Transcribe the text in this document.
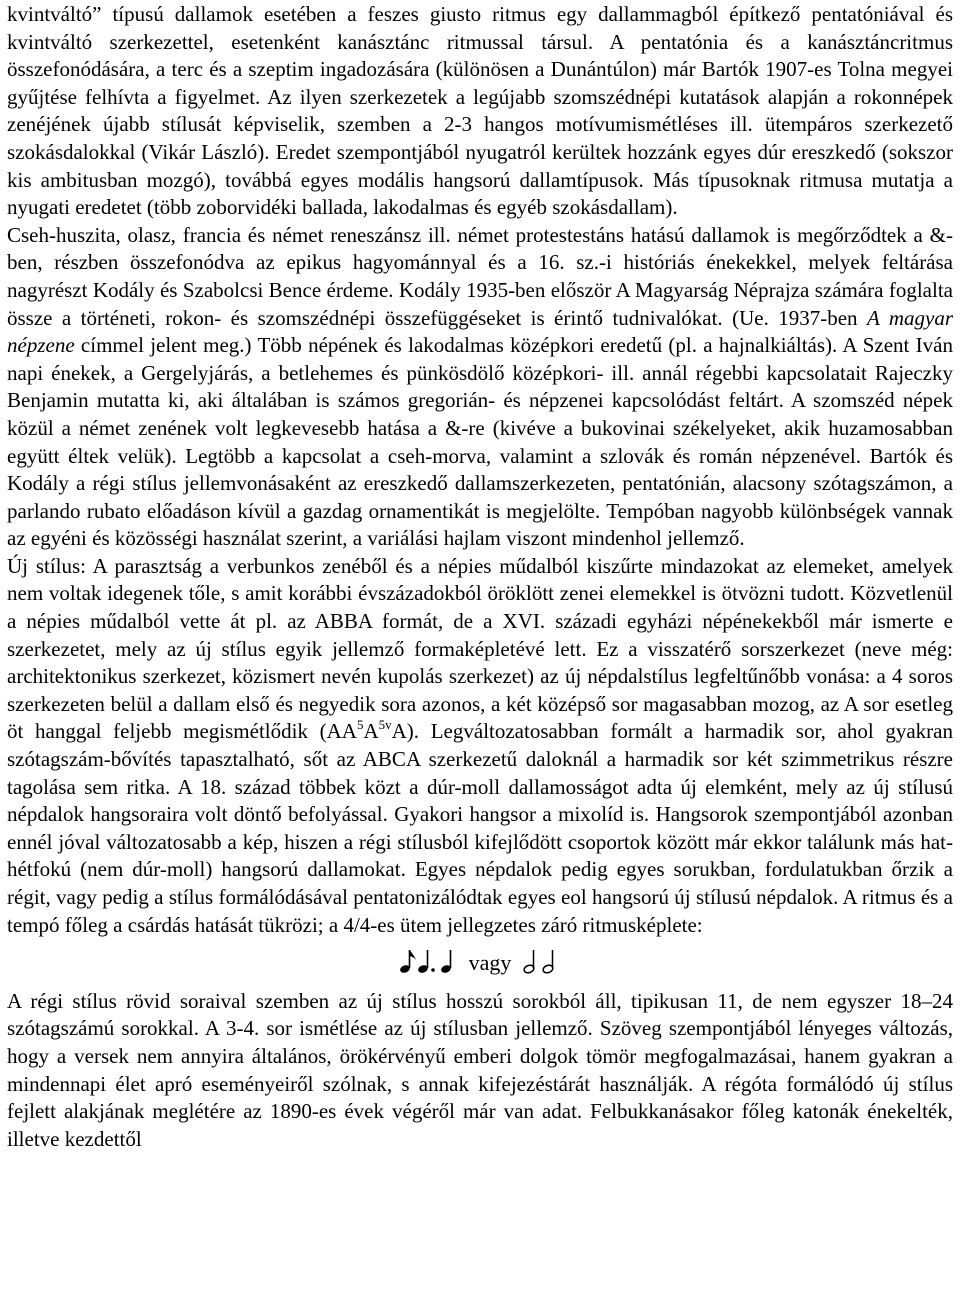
kvintváltó” típusú dallamok esetében a feszes giusto ritmus egy dallammagból építkező pentatóniával és kvintváltó szerkezettel, esetenként kanásztánc ritmussal társul. A pentatónia és a kanásztáncritmus összefonódására, a terc és a szeptim ingadozására (különösen a Dunántúlon) már Bartók 1907-es Tolna megyei gyűjtése felhívta a figyelmet. Az ilyen szerkezetek a legújabb szomszédnépi kutatások alapján a rokonnépek zenéjének újabb stílusát képviselik, szemben a 2-3 hangos motívumismétléses ill. ütempáros szerkezető szokásdalokkal (Vikár László). Eredet szempontjából nyugatról kerültek hozzánk egyes dúr ereszkedő (sokszor kis ambitusban mozgó), továbbá egyes modális hangsorú dallamtípusok. Más típusoknak ritmusa mutatja a nyugati eredetet (több zoborvidéki ballada, lakodalmas és egyéb szokásdallam).

Cseh-huszita, olasz, francia és német reneszánsz ill. német protestestáns hatású dallamok is megőrződtek a &-ben, részben összefonódva az epikus hagyománnyal és a 16. sz.-i históriás énekekkel, melyek feltárása nagyrészt Kodály és Szabolcsi Bence érdeme. Kodály 1935-ben először A Magyarság Néprajza számára foglalta össze a történeti, rokon- és szomszédnépi összefüggéseket is érintő tudnivalókat. (Ue. 1937-ben A magyar népzene címmel jelent meg.) Több népének és lakodalmas középkori eredetű (pl. a hajnalkiáltás). A Szent Iván napi énekek, a Gergelyjárás, a betlehemes és pünkösdölő középkori- ill. annál régebbi kapcsolatait Rajeczky Benjamin mutatta ki, aki általában is számos gregorián- és népzenei kapcsolódást feltárt. A szomszéd népek közül a német zenének volt legkevesebb hatása a &-re (kivéve a bukovinai székelyeket, akik huzamosabban együtt éltek velük). Legtöbb a kapcsolat a cseh-morva, valamint a szlovák és román népzenével. Bartók és Kodály a régi stílus jellemvonásaként az ereszkedő dallamszerkezeten, pentatónián, alacsony szótagszámon, a parlando rubato előadáson kívül a gazdag ornamentikát is megjelölte. Tempóban nagyobb különbségek vannak az egyéni és közösségi használat szerint, a variálási hajlam viszont mindenhol jellemző.

Új stílus: A parasztság a verbunkos zenéből és a népies műdalból kiszűrte mindazokat az elemeket, amelyek nem voltak idegenek tőle, s amit korábbi évszázadokból öröklött zenei elemekkel is ötvözni tudott. Közvetlenül a népies műdalból vette át pl. az ABBA formát, de a XVI. századi egyházi népénekekből már ismerte e szerkezetet, mely az új stílus egyik jellemző formaképletévé lett. Ez a visszatérő sorszerkezet (neve még: architektonikus szerkezet, közismert nevén kupolás szerkezet) az új népdalstílus legfeltűnőbb vonása: a 4 soros szerkezeten belül a dallam első és negyedik sora azonos, a két középső sor magasabban mozog, az A sor esetleg öt hanggal feljebb megismétlődik $(AA^5A^{5v}A)$. Legváltozatosabban formált a harmadik sor, ahol gyakran szótagszám-bővítés tapasztalható, sőt az ABCA szerkezetű daloknál a harmadik sor két szimmetrikus részre tagolása sem ritka. A 18. század többek közt a dúr-moll dallamosságot adta új elemként, mely az új stílusú népdalok hangsoraira volt döntő befolyással. Gyakori hangsor a mixolíd is. Hangsorok szempontjából azonban ennél jóval változatosabb a kép, hiszen a régi stílusból kifejlődött csoportok között már ekkor találunk más hat- hétfokú (nem dúr-moll) hangsorú dallamokat. Egyes népdalok pedig egyes sorukban, fordulatukban őrzik a régit, vagy pedig a stílus formálódásával pentatonizálódtak egyes eol hangsorú új stílusú népdalok. A ritmus és a tempó főleg a csárdás hatását tükrözi; a 4/4-es ütem jellegzetes záró ritmusképlete:

vagy

A régi stílus rövid soraival szemben az új stílus hosszú sorokból áll, tipikusan 11, de nem egyszer 18–24 szótagszámú sorokkal. A 3-4. sor ismétlése az új stílusban jellemző. Szöveg szempontjából lényeges változás, hogy a versek nem annyira általános, örökérvényű emberi dolgok tömör megfogalmazásai, hanem gyakran a mindennapi élet apró eseményeiről szólnak, s annak kifejezéstárát használják. A régóta formálódó új stílus fejlett alakjának meglétére az 1890-es évek végéről már van adat. Felbukkanásakor főleg katonák énekelték, illetve kezdettől
